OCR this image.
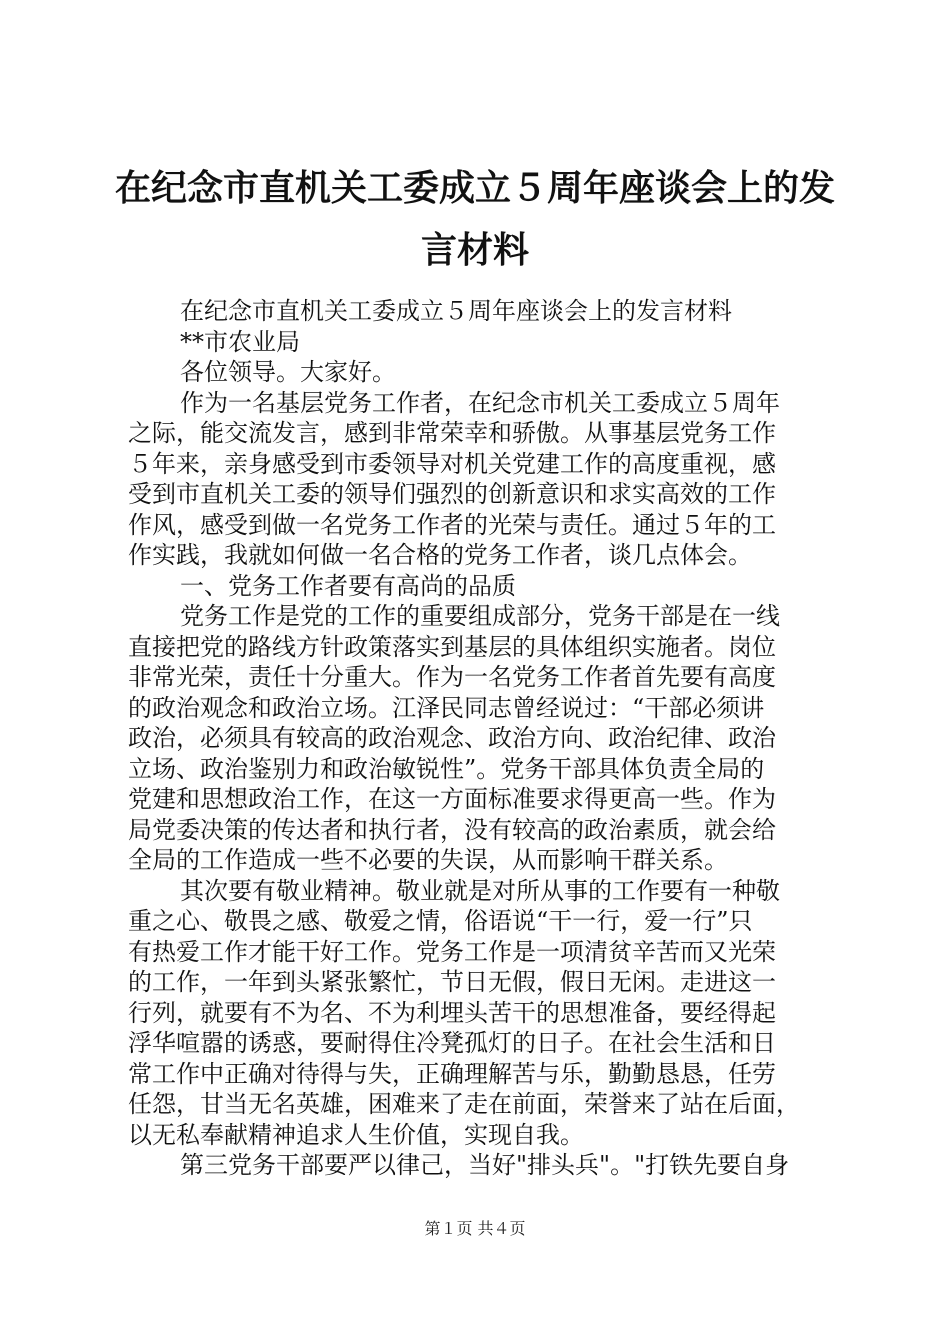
在纪念市直机关工委成立５周年座谈会上的发
言材料
在纪念市直机关工委成立５周年座谈会上的发言材料
**市农业局
各位领导。大家好。
作为一名基层党务工作者，在纪念市机关工委成立５周年
之际，能交流发言，感到非常荣幸和骄傲。从事基层党务工作
５年来，亲身感受到市委领导对机关党建工作的高度重视，感
受到市直机关工委的领导们强烈的创新意识和求实高效的工作
作风，感受到做一名党务工作者的光荣与责任。通过５年的工
作实践，我就如何做一名合格的党务工作者，谈几点体会。
一、党务工作者要有高尚的品质
党务工作是党的工作的重要组成部分，党务干部是在一线
直接把党的路线方针政策落实到基层的具体组织实施者。岗位
非常光荣，责任十分重大。作为一名党务工作者首先要有高度
的政治观念和政治立场。江泽民同志曾经说过：“干部必须讲
政治，必须具有较高的政治观念、政治方向、政治纪律、政治
立场、政治鉴别力和政治敏锐性”。党务干部具体负责全局的
党建和思想政治工作，在这一方面标准要求得更高一些。作为
局党委决策的传达者和执行者，没有较高的政治素质，就会给
全局的工作造成一些不必要的失误，从而影响干群关系。
其次要有敬业精神。敬业就是对所从事的工作要有一种敬
重之心、敬畏之感、敬爱之情，俗语说“干一行，爱一行”只
有热爱工作才能干好工作。党务工作是一项清贫辛苦而又光荣
的工作，一年到头紧张繁忙，节日无假，假日无闲。走进这一
行列，就要有不为名、不为利埋头苦干的思想准备，要经得起
浮华喧嚣的诱惑，要耐得住冷凳孤灯的日子。在社会生活和日
常工作中正确对待得与失，正确理解苦与乐，勤勤恳恳，任劳
任怨，甘当无名英雄，困难来了走在前面，荣誉来了站在后面，
以无私奉献精神追求人生价值，实现自我。
第三党务干部要严以律己，当好"排头兵"。"打铁先要自身
第１页 共４页
